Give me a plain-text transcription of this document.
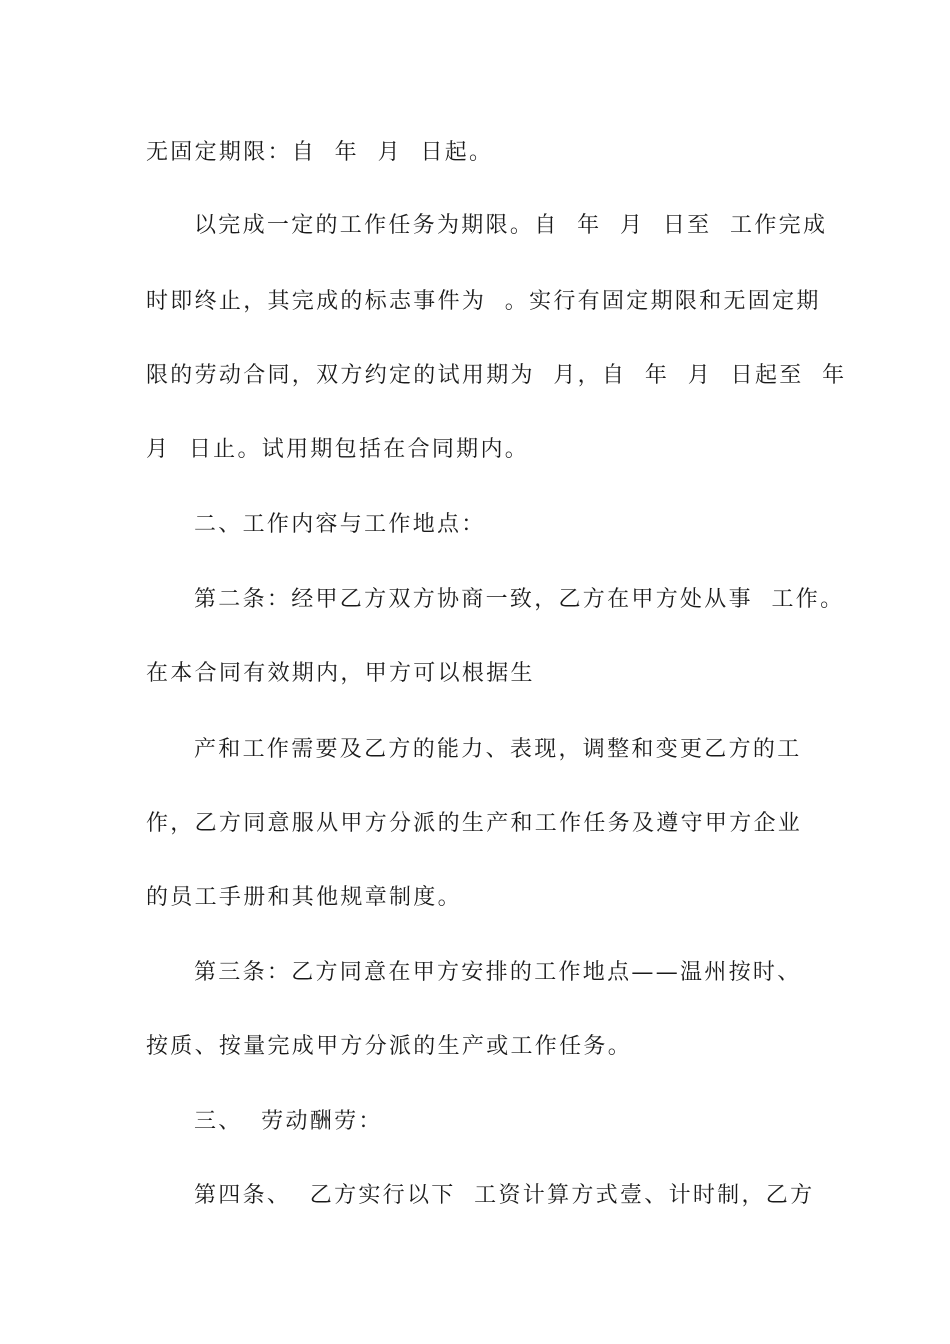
无固定期限：自  年  月  日起。
以完成一定的工作任务为期限。自  年  月  日至  工作完成
时即终止，其完成的标志事件为  。实行有固定期限和无固定期
限的劳动合同，双方约定的试用期为  月，自  年  月  日起至  年
月  日止。试用期包括在合同期内。
二、工作内容与工作地点：
第二条：经甲乙方双方协商一致，乙方在甲方处从事  工作。
在本合同有效期内，甲方可以根据生
产和工作需要及乙方的能力、表现，调整和变更乙方的工
作，乙方同意服从甲方分派的生产和工作任务及遵守甲方企业
的员工手册和其他规章制度。
第三条：乙方同意在甲方安排的工作地点——温州按时、
按质、按量完成甲方分派的生产或工作任务。
三、  劳动酬劳：
第四条、  乙方实行以下  工资计算方式壹、计时制，乙方
